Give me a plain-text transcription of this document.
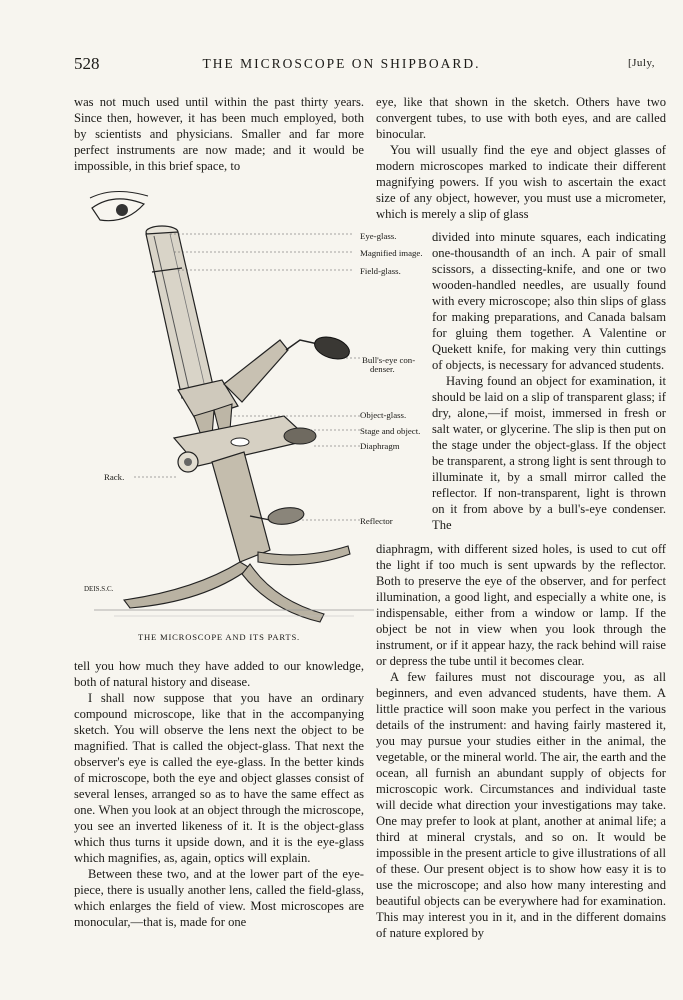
528	THE MICROSCOPE ON SHIPBOARD.	[July,

was not much used until within the past thirty years. Since then, however, it has been much employed, both by scientists and physicians. Smaller and far more perfect instruments are now made; and it would be impossible, in this brief space, to

Eye-glass.
Magnified image.
Field-glass.
Bull's-eye con-
denser.
Object-glass.
Stage and object.
Diaphragm
Rack.
Reflector
DEIS.S.C.
THE MICROSCOPE AND ITS PARTS.

tell you how much they have added to our knowledge, both of natural history and disease.

I shall now suppose that you have an ordinary compound microscope, like that in the accompanying sketch. You will observe the lens next the object to be magnified. That is called the object-glass. That next the observer's eye is called the eye-glass. In the better kinds of microscope, both the eye and object glasses consist of several lenses, arranged so as to have the same effect as one. When you look at an object through the microscope, you see an inverted likeness of it. It is the object-glass which thus turns it upside down, and it is the eye-glass which magnifies, as, again, optics will explain.

Between these two, and at the lower part of the eye-piece, there is usually another lens, called the field-glass, which enlarges the field of view. Most microscopes are monocular,—that is, made for one

eye, like that shown in the sketch. Others have two convergent tubes, to use with both eyes, and are called binocular.

You will usually find the eye and object glasses of modern microscopes marked to indicate their different magnifying powers. If you wish to ascertain the exact size of any object, however, you must use a micrometer, which is merely a slip of glass

divided into minute squares, each indicating one-thousandth of an inch. A pair of small scissors, a dissecting-knife, and one or two wooden-handled needles, are usually found with every microscope; also thin slips of glass for making preparations, and Canada balsam for gluing them together. A Valentine or Quekett knife, for making very thin cuttings of objects, is necessary for advanced students.

Having found an object for examination, it should be laid on a slip of transparent glass; if dry, alone,—if moist, immersed in fresh or salt water, or glycerine. The slip is then put on the stage under the object-glass. If the object be transparent, a strong light is sent through to illuminate it, by a small mirror called the reflector. If non-transparent, light is thrown on it from above by a bull's-eye condenser. The

diaphragm, with different sized holes, is used to cut off the light if too much is sent upwards by the reflector. Both to preserve the eye of the observer, and for perfect illumination, a good light, and especially a white one, is indispensable, either from a window or lamp. If the object be not in view when you look through the instrument, or if it appear hazy, the rack behind will raise or depress the tube until it becomes clear.

A few failures must not discourage you, as all beginners, and even advanced students, have them. A little practice will soon make you perfect in the various details of the instrument: and having fairly mastered it, you may pursue your studies either in the animal, the vegetable, or the mineral world. The air, the earth and the ocean, all furnish an abundant supply of objects for microscopic work. Circumstances and individual taste will decide what direction your investigations may take. One may prefer to look at plant, another at animal life; a third at mineral crystals, and so on. It would be impossible in the present article to give illustrations of all of these. Our present object is to show how easy it is to use the microscope; and also how many interesting and beautiful objects can be everywhere had for examination. This may interest you in it, and in the different domains of nature explored by
